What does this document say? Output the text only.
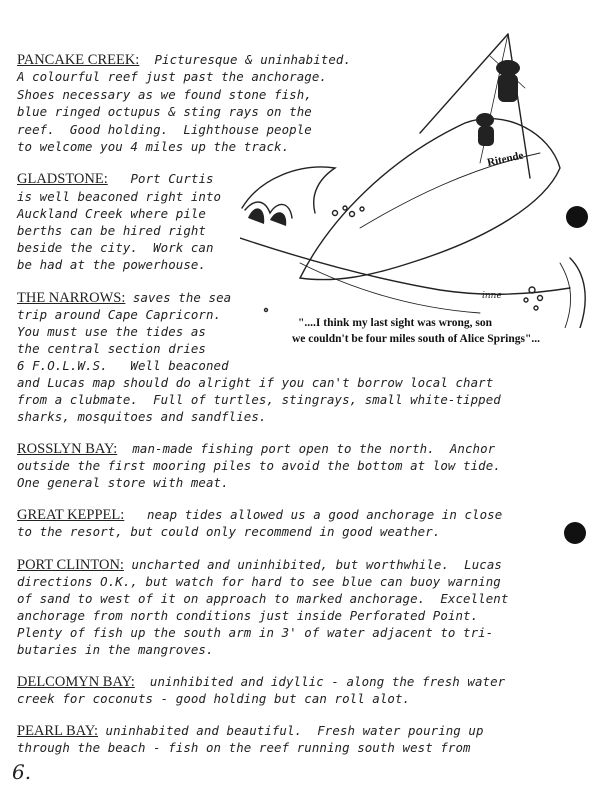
PANCAKE CREEK:  Picturesque & uninhabited.
A colourful reef just past the anchorage.
Shoes necessary as we found stone fish,
blue ringed octupus & sting rays on the
reef.  Good holding.  Lighthouse people
to welcome you 4 miles up the track.
GLADSTONE:   Port Curtis
is well beaconed right into
Auckland Creek where pile
berths can be hired right
beside the city.  Work can
be had at the powerhouse.
THE NARROWS: saves the sea
trip around Cape Capricorn.
You must use the tides as
the central section dries
6 F.O.L.W.S.   Well beaconed
and Lucas map should do alright if you can't borrow local chart
from a clubmate.  Full of turtles, stingrays, small white-tipped
sharks, mosquitoes and sandflies.
ROSSLYN BAY:  man-made fishing port open to the north.  Anchor
outside the first mooring piles to avoid the bottom at low tide.
One general store with meat.
GREAT KEPPEL:   neap tides allowed us a good anchorage in close
to the resort, but could only recommend in good weather.
PORT CLINTON: uncharted and uninhibited, but worthwhile.  Lucas
directions O.K., but watch for hard to see blue can buoy warning
of sand to west of it on approach to marked anchorage.  Excellent
anchorage from north conditions just inside Perforated Point.
Plenty of fish up the south arm in 3' of water adjacent to tri-
butaries in the mangroves.
DELCOMYN BAY:  uninhibited and idyllic - along the fresh water
creek for coconuts - good holding but can roll alot.
PEARL BAY: uninhabited and beautiful.  Fresh water pouring up
through the beach - fish on the reef running south west from
Ritende
inne
"....I think my last sight was wrong, son
we couldn't be four miles south of Alice Springs"...
6.
